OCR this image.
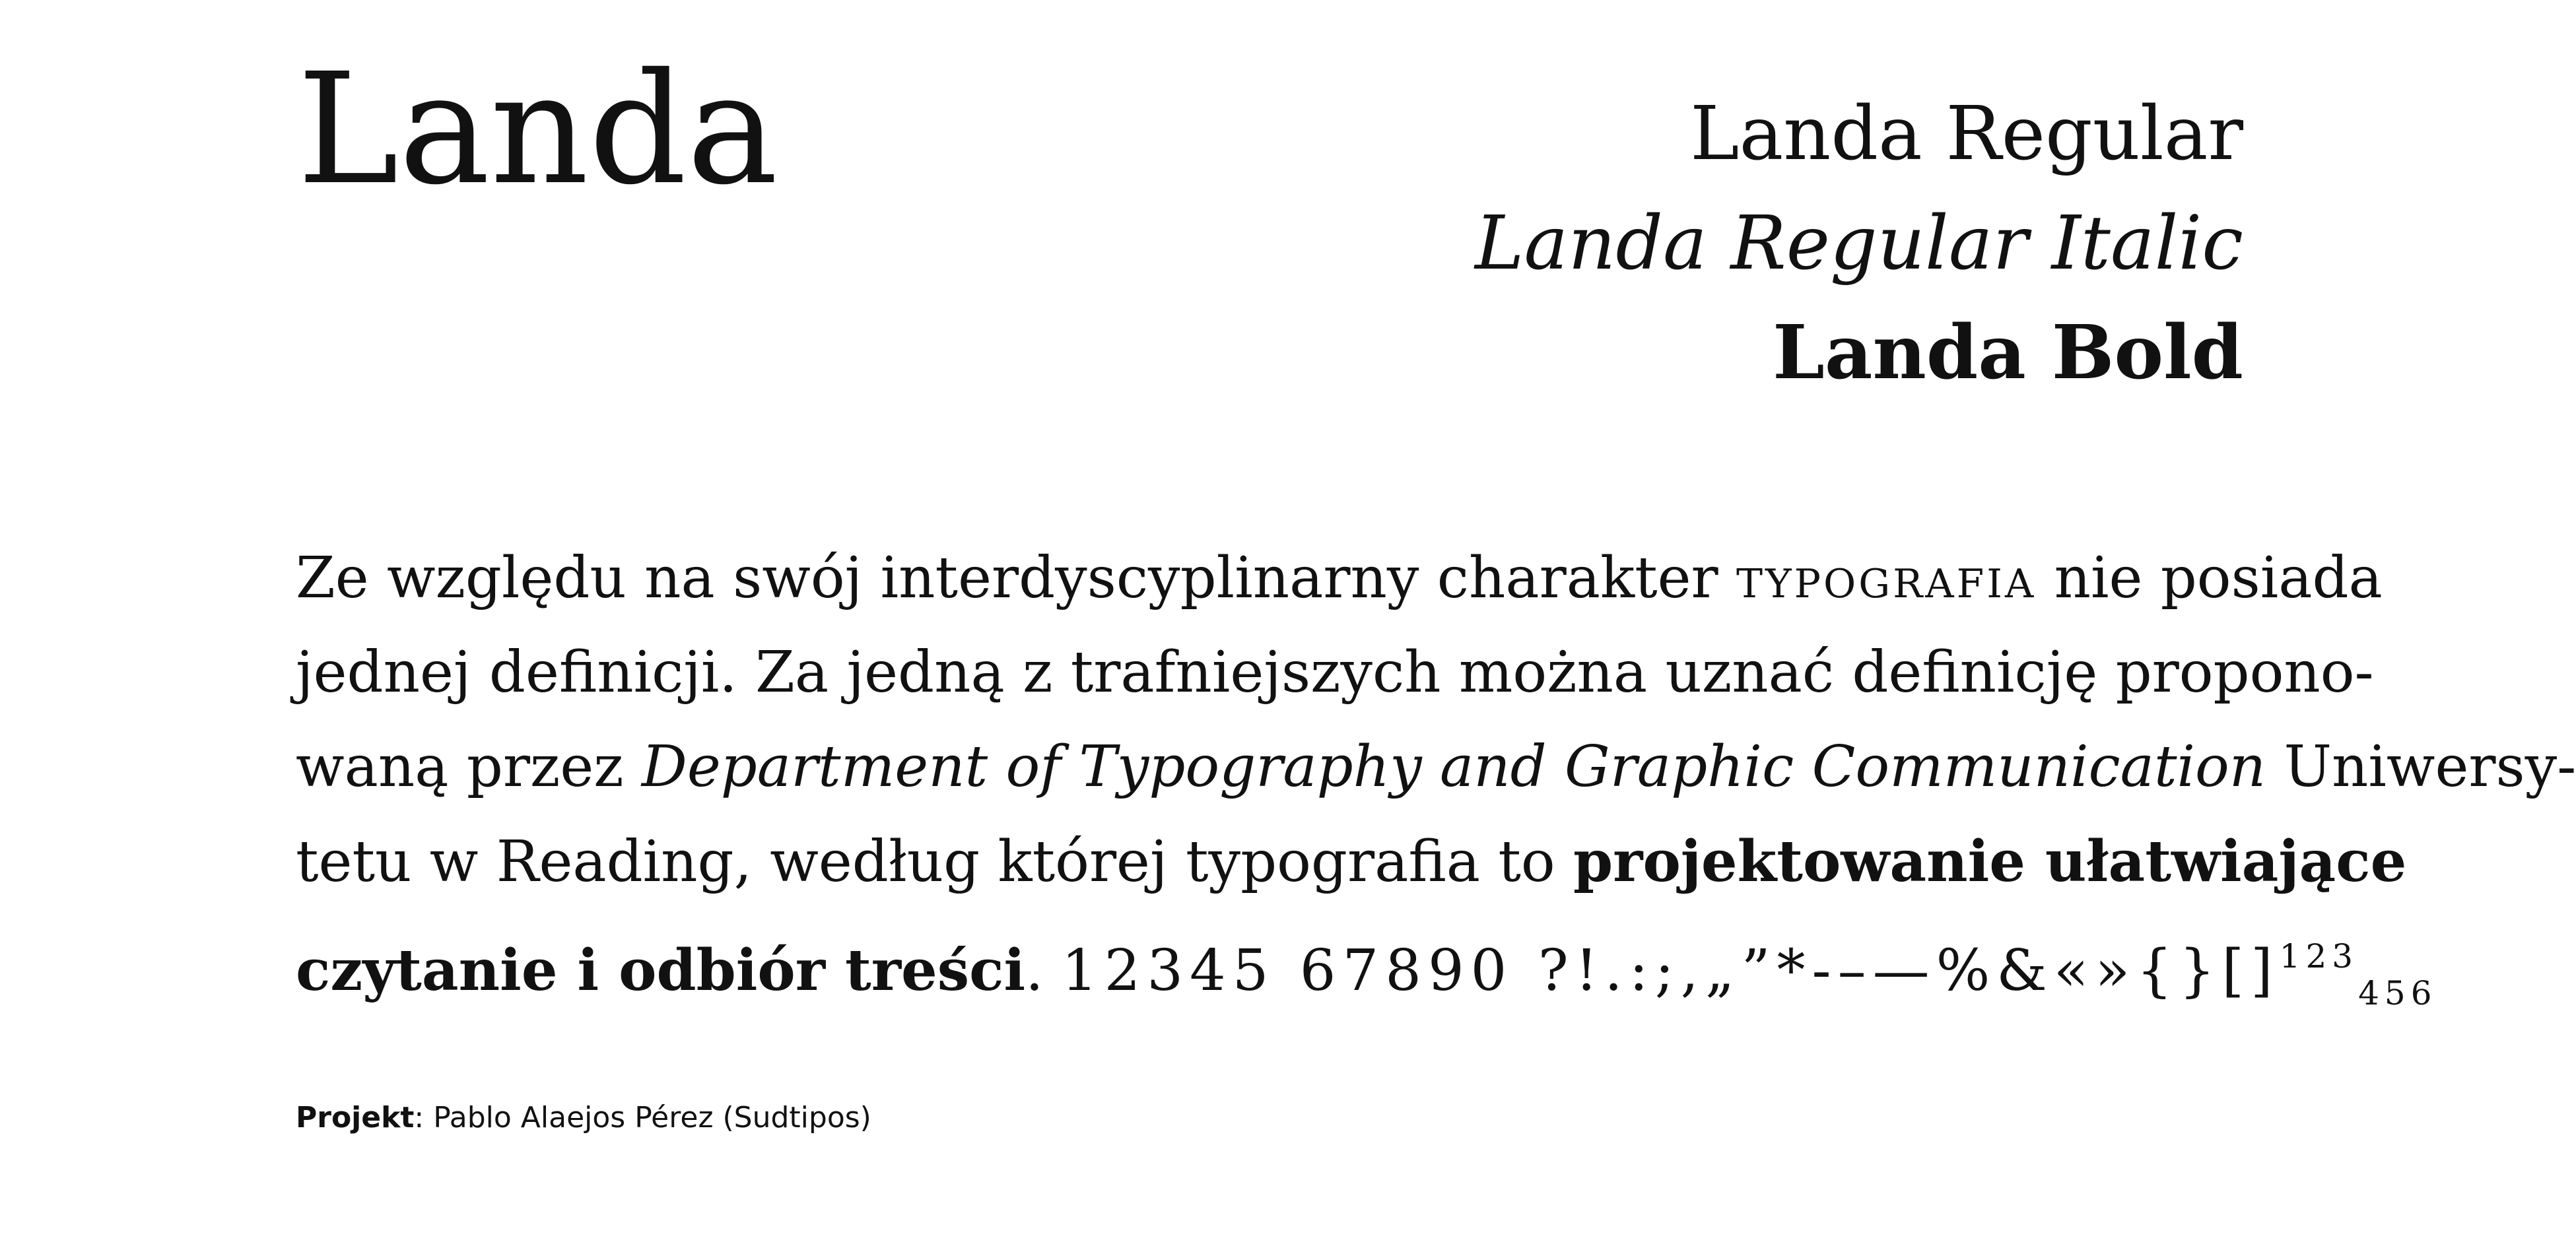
Landa	Landa Regular
Landa Regular Italic
Landa Bold
Ze względu na swój interdyscyplinarny charakter typografia nie posiada
jednej definicji. Za jedną z trafniejszych można uznać definicję propono-
waną przez Department of Typography and Graphic Communication Uniwersy-
tetu w Reading, według której typografia to projektowanie ułatwiające
czytanie i odbiór treści. 12345 67890 ?!.:;,„”*-–—%&«»{}[]$^{123}_{456}$
Projekt: Pablo Alaejos Pérez (Sudtipos)
